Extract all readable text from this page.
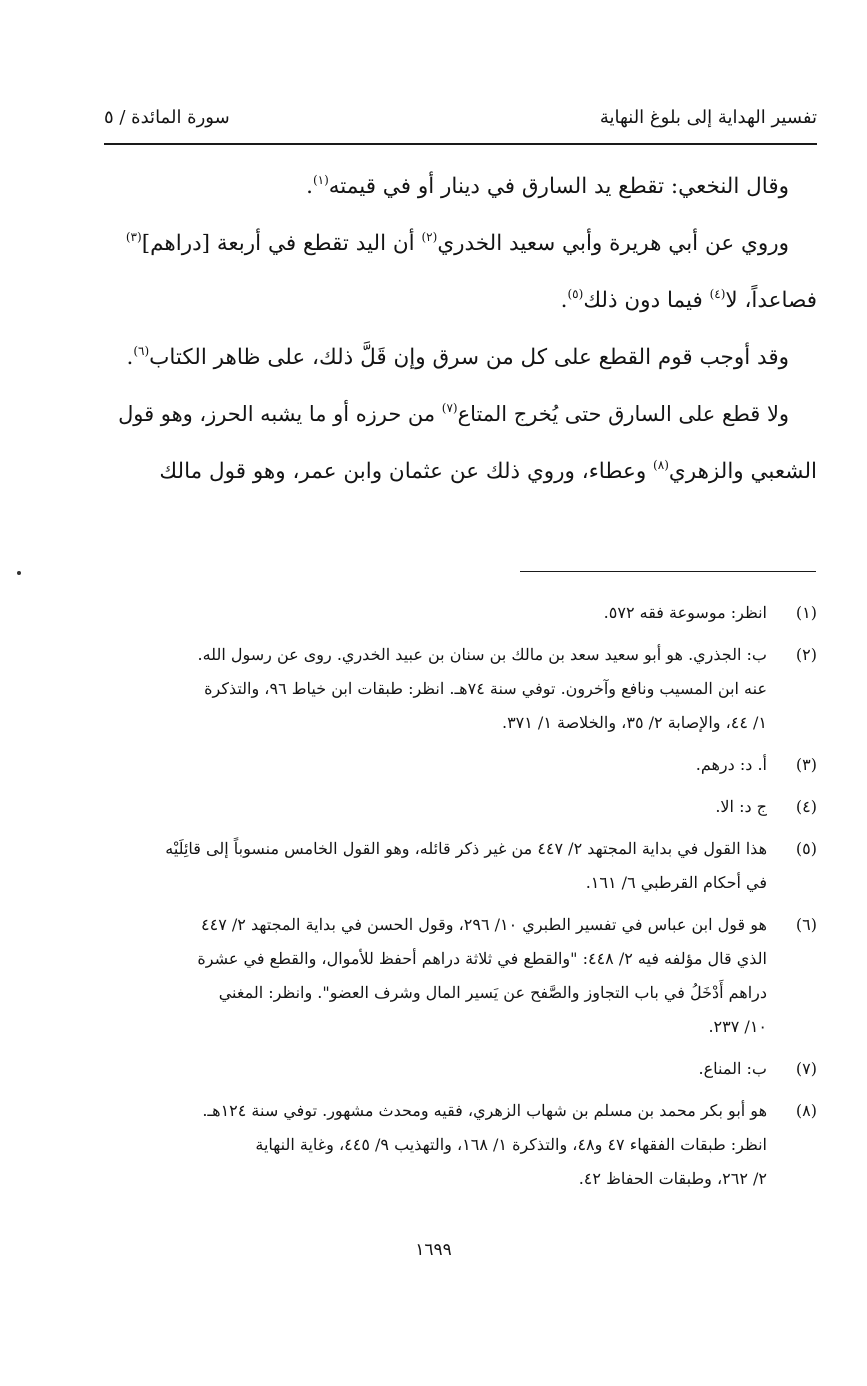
تفسير الهداية إلى بلوغ النهاية
سورة المائدة / ٥

وقال النخعي: تقطع يد السارق في دينار أو في قيمته$^{(١)}$.

وروي عن أبي هريرة وأبي سعيد الخدري$^{(٢)}$ أن اليد تقطع في أربعة [دراهم]$^{(٣)}$

فصاعداً، لا$^{(٤)}$ فيما دون ذلك$^{(٥)}$.

وقد أوجب قوم القطع على كل من سرق وإن قَلَّ ذلك، على ظاهر الكتاب$^{(٦)}$.

ولا قطع على السارق حتى يُخرج المتاع$^{(٧)}$ من حرزه أو ما يشبه الحرز، وهو قول

الشعبي والزهري$^{(٨)}$ وعطاء، وروي ذلك عن عثمان وابن عمر، وهو قول مالك

(١)
انظر: موسوعة فقه ٥٧٢.
(٢)
ب: الجذري. هو أبو سعيد سعد بن مالك بن سنان بن عبيد الخدري. روى عن رسول الله.
عنه ابن المسيب ونافع وآخرون. توفي سنة ٧٤هـ. انظر: طبقات ابن خياط ٩٦، والتذكرة
١/ ٤٤، والإصابة ٢/ ٣٥، والخلاصة ١/ ٣٧١.
(٣)
أ. د: درهم.
(٤)
ج د: الا.
(٥)
هذا القول في بداية المجتهد ٢/ ٤٤٧ من غير ذكر قائله، وهو القول الخامس منسوباً إلى قائِلَيْه
في أحكام القرطبي ٦/ ١٦١.
(٦)
هو قول ابن عباس في تفسير الطبري ١٠/ ٢٩٦، وقول الحسن في بداية المجتهد ٢/ ٤٤٧
الذي قال مؤلفه فيه ٢/ ٤٤٨: "والقطع في ثلاثة دراهم أحفظ للأموال، والقطع في عشرة
دراهم أَدْخَلُ في باب التجاوز والصَّفح عن يَسير المال وشرف العضو". وانظر: المغني
١٠/ ٢٣٧.
(٧)
ب: المناع.
(٨)
هو أبو بكر محمد بن مسلم بن شهاب الزهري، فقيه ومحدث مشهور. توفي سنة ١٢٤هـ.
انظر: طبقات الفقهاء ٤٧ و٤٨، والتذكرة ١/ ١٦٨، والتهذيب ٩/ ٤٤٥، وغاية النهاية
٢/ ٢٦٢، وطبقات الحفاظ ٤٢.
١٦٩٩
